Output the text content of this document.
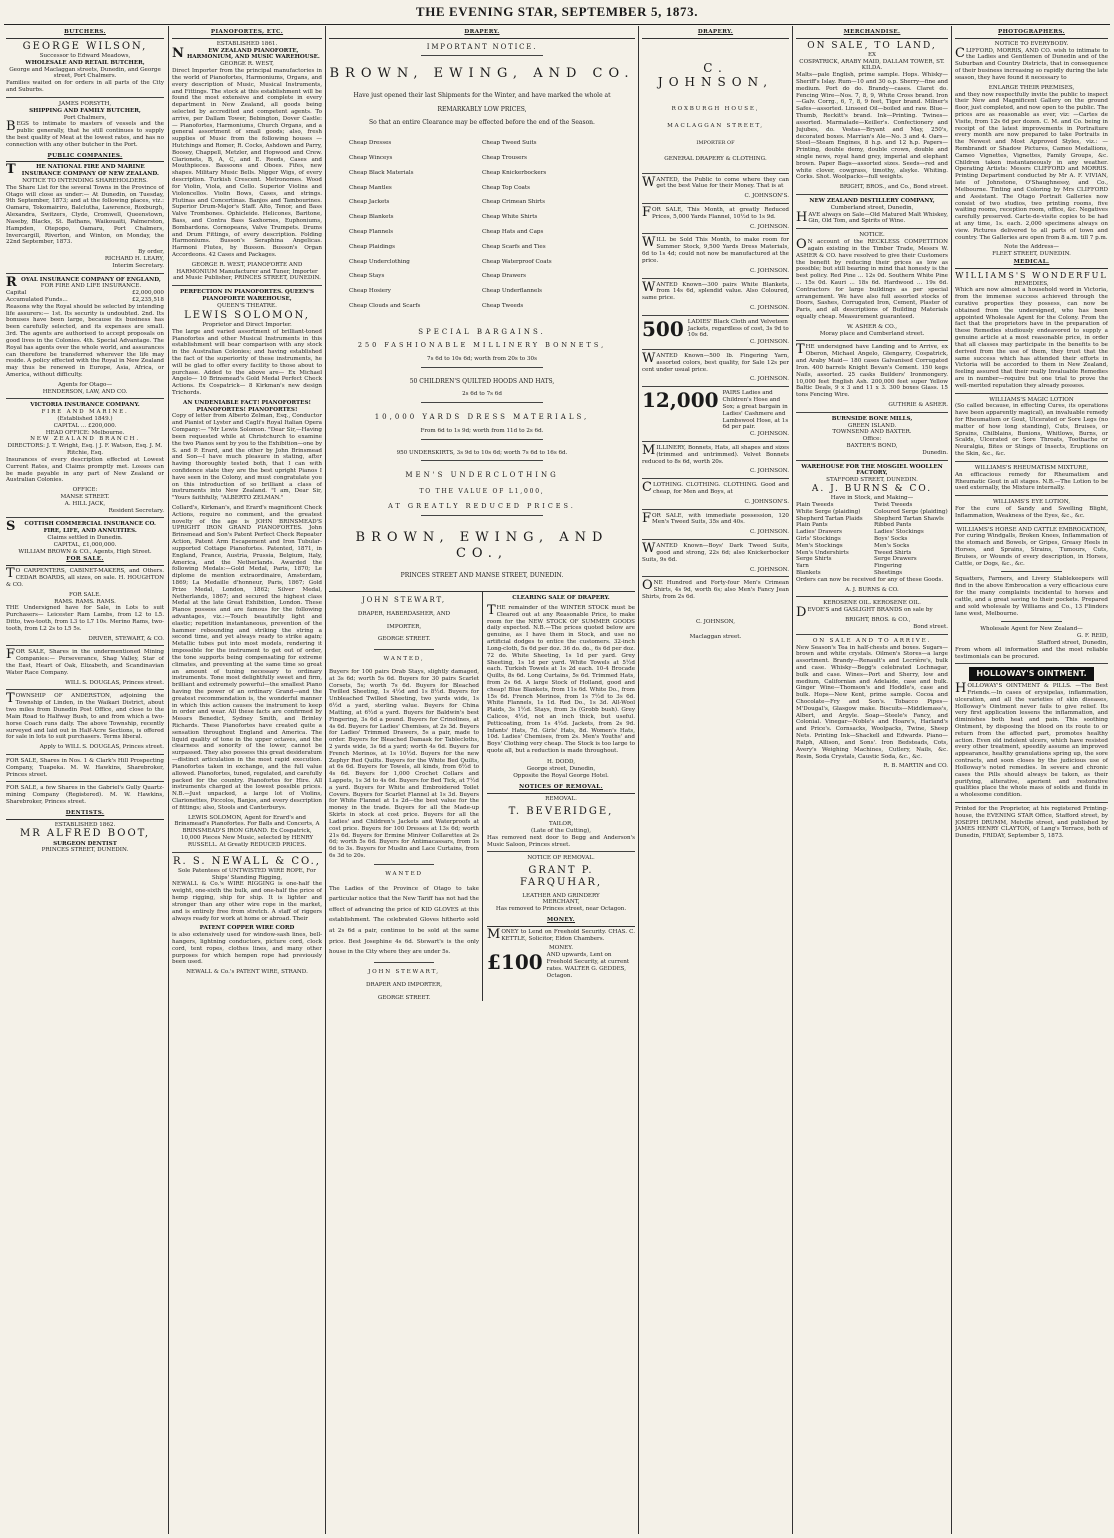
THE EVENING STAR, SEPTEMBER 5, 1873.
BUTCHERS.
GEORGE WILSON,
Successor to Edward Meadows,
WHOLESALE AND RETAIL BUTCHER,
George and Maclaggan streets, Dunedin, and George street, Port Chalmers.
Families waited on for orders in all parts of the City and Suburbs.
JAMES FORSYTH,
SHIPPING AND FAMILY BUTCHER,
Port Chalmers,
BEGS to intimate to masters of vessels and the public generally, that he still continues to supply the best quality of Meat at the lowest rates, and has no connection with any other butcher in the Port.
PUBLIC COMPANIES.
THE NATIONAL FIRE AND MARINE INSURANCE COMPANY OF NEW ZEALAND.
NOTICE TO INTENDING SHAREHOLDERS.
The Share List for the several Towns in the Province of Otago will close as under:— At Dunedin, on Tuesday, 9th September, 1873; and at the following places, viz.: Oamaru, Tokomairiro, Balclutha, Lawrence, Roxburgh, Alexandra, Switzers, Clyde, Cromwell, Queenstown, Naseby, Blacks, St. Bathans, Waikouaiti, Palmerston, Hampden, Otepopo, Oamaru, Port Chalmers, Invercargill, Riverton, and Winton, on Monday, the 22nd September, 1873.
By order,
RICHARD H. LEARY,
Interim Secretary.
ROYAL INSURANCE COMPANY OF ENGLAND,
FOR FIRE AND LIFE INSURANCE.
Capital	£2,000,000
Accumulated Funds...	£2,235,518
Reasons why the Royal should be selected by intending life assurers:— 1st. Its security is undoubted. 2nd. Its bonuses have been large, because its business has been carefully selected, and its expenses are small. 3rd. The agents are authorised to accept proposals on good lives in the Colonies. 4th. Special Advantage. The Royal has agents over the whole world, and assurances can therefore be transferred wherever the life may reside. A policy effected with the Royal in New Zealand may thus be renewed in Europe, Asia, Africa, or America, without difficulty.
Agents for Otago—
HENDERSON, LAW, AND CO.
VICTORIA INSURANCE COMPANY.
FIRE AND MARINE.
(Established 1849.)
CAPITAL ... £200,000.
HEAD OFFICE: Melbourne.
NEW ZEALAND BRANCH.
DIRECTORS: J. T. Wright, Esq. | J. F. Watson, Esq. J. M. Ritchie, Esq.
Insurances of every description effected at Lowest Current Rates, and Claims promptly met. Losses can be made payable in any part of New Zealand or Australian Colonies.
OFFICE:
MANSE STREET.
A. HILL JACK,
Resident Secretary.
SCOTTISH COMMERCIAL INSURANCE CO.
FIRE, LIFE, AND ANNUITIES.
Claims settled in Dunedin.
CAPITAL, £1,000,000.
WILLIAM BROWN & CO., Agents, High Street.
FOR SALE.
TO CARPENTERS, CABINET-MAKERS, and Others. CEDAR BOARDS, all sizes, on sale. H. HOUGHTON & CO.
FOR SALE.
RAMS. RAMS. RAMS.
THE Undersigned have for Sale, in Lots to suit Purchasers— Leicester Ram Lambs, from L2 to L5. Ditto, two-tooth, from L3 to L7 10s. Merino Rams, two-tooth, from L2 2s to L5 5s.
DRIVER, STEWART, & CO.
FOR SALE, Shares in the undermentioned Mining Companies:— Perseverance, Shag Valley, Star of the East, Heart of Oak, Elizabeth, and Scandinavian Water Race Company.
WILL S. DOUGLAS, Princes street.
TOWNSHIP OF ANDERSTON, adjoining the Township of Linden, in the Waikari District, about two miles from Dunedin Post Office, and close to the Main Road to Halfway Bush, to and from which a two-horse Coach runs daily. The above Township, recently surveyed and laid out in Half-Acre Sections, is offered for sale in lots to suit purchasers. Terms liberal.
Apply to WILL S. DOUGLAS, Princes street.
FOR SALE, Shares in Nos. 1 & Clark's Hill Prospecting Company, Tuapeka. M. W. Hawkins, Sharebroker, Princes street.
FOR SALE, a few Shares in the Gabriel's Gully Quartz-mining Company (Registered). M. W. Hawkins, Sharebroker, Princes street.
DENTISTS.
ESTABLISHED 1862.
MR ALFRED BOOT,
SURGEON DENTIST
PRINCES STREET, DUNEDIN.
PIANOFORTES, ETC.
ESTABLISHED 1861.
NEW ZEALAND PIANOFORTE, HARMONIUM, AND MUSIC WAREHOUSE.
GEORGE R. WEST,
Direct Importer from the principal manufactories in the world of Pianofortes, Harmoniums, Organs, and every description of Music, Musical Instruments, and Fittings. The stock at this establishment will be found the most extensive and complete in every department in New Zealand, all goods being selected by accredited and competent agents. To arrive, per Dallam Tower, Bebington, Dover Castle:— Pianofortes, Harmoniums, Church Organs, and a general assortment of small goods; also, fresh supplies of Music from the following houses — Hutchings and Romer, R. Cocks, Ashdown and Parry, Boosey, Chappell, Metzler, and Hopwood and Crew. Clarionets, B, A, C, and E. Reeds, Cases and Mouthpieces. Bassoons and Oboes. Fifes, new shapes. Military Music Bells. Nigger Wigs, of every description. Turkish Crescent. Metronomes. Wood for Violin, Viola, and Cello. Superior Violins and Violoncellos. Violin Bows, Cases, and strings. Flutinas and Concertinas. Banjos and Tambourines. Superior Drum-Major's Staff. Alto, Tenor, and Bass Valve Trombones. Ophicleide. Helicones, Baritone, Bass, and Contra Bass Saxhornes, Euphoniums, Bombardons. Cornopeans, Valve Trumpets. Drums and Drum Fittings, of every description. Folding Harmoniums. Busson's Seraphina Angelicas. Harmoni Flutes, by Busson. Busson's Organ Accordeons. 42 Cases and Packages.
GEORGE R. WEST, PIANOFORTE AND HARMONIUM Manufacturer and Tuner, Importer and Music Publisher, PRINCES STREET, DUNEDIN.
PERFECTION IN PIANOFORTES. QUEEN'S PIANOFORTE WAREHOUSE,
QUEEN'S THEATRE.
LEWIS SOLOMON,
Proprietor and Direct Importer.
The large and varied assortment of brilliant-toned Pianofortes and other Musical Instruments in this establishment will bear comparison with any stock in the Australian Colonies; and having established the fact of the superiority of these instruments, he will be glad to offer every facility to those about to purchase. Added to the above are— Ex Michael Angelo— 10 Brinsmead's Gold Medal Perfect Check Actions. Ex Cospatrick— 8 Kirkman's new design Trichords.
AN UNDENIABLE FACT! PIANOFORTES! PIANOFORTES! PIANOFORTES!
Copy of letter from Alberto Zelman, Esq., Conductor and Pianist of Lyster and Cagli's Royal Italian Opera Company:— "Mr Lewis Solomon. "Dear Sir,—Having been requested while at Christchurch to examine the two Pianos sent by you to the Exhibition—one by S. and P. Erard, and the other by John Brinsmead and Son—I have much pleasure in stating, after having thoroughly tested both, that I can with confidence state they are the best upright Pianos I have seen in the Colony, and must congratulate you on this introduction of so brilliant a class of instruments into New Zealand. "I am, Dear Sir, "Yours faithfully, "ALBERTO ZELMAN."
Collard's, Kirkman's, and Erard's magnificent Check Actions, require no comment, and the greatest novelty of the age is JOHN BRINSMEAD'S UPRIGHT IRON GRAND PIANOFORTES. John Brinsmead and Son's Patent Perfect Check Repeater Action, Patent Arm Escapement and Iron Tubular-supported Cottage Pianofortes. Patented, 1871, in England, France, Austria, Prussia, Belgium, Italy, America, and the Netherlands. Awarded the following Medals:—Gold Medal, Paris, 1870; Le diplome de mention extraordinaire, Amsterdam, 1869; La Medaille d'honneur, Paris, 1867; Gold Prize Medal, London, 1862; Silver Medal, Netherlands, 1867; and secured the highest class Medal at the late Great Exhibition, London. These Pianos possess and are famous for the following advantages, viz.:—Touch beautifully light and elastic; repetition instantaneous, prevention of the hammer rebounding and striking the string a second time, and yet always ready to strike again; Metallic tubes put into most models, rendering it impossible for the instrument to get out of order, the tone supports being compensating for extreme climates, and preventing at the same time so great an amount of tuning necessary to ordinary instruments. Tone most delightfully sweet and firm, brilliant and extremely powerful—the smallest Piano having the power of an ordinary Grand—and the greatest recommendation is, the wonderful manner in which this action causes the instrument to keep in order and wear. All these facts are confirmed by Messrs Benedict, Sydney Smith, and Brinley Richards. These Pianofortes have created quite a sensation throughout England and America. The liquid quality of tone in the upper octaves, and the clearness and sonority of the lower, cannot be surpassed. They also possess this great desideratum—distinct articulation in the most rapid execution. Pianofortes taken in exchange, and the full value allowed. Pianofortes, tuned, regulated, and carefully packed for the country. Pianofortes for Hire. All instruments charged at the lowest possible prices. N.B.—Just unpacked, a large lot of Violins, Clarionettes, Piccolos, Banjos, and every description of fittings; also, Stools and Canterburys.
LEWIS SOLOMON, Agent for Erard's and Brinsmead's Pianofortes. For Balls and Concerts, A BRINSMEAD'S IRON GRAND. Ex Cospatrick, 10,000 Pieces New Music, selected by HENRY RUSSELL. At Greatly REDUCED PRICES.
R. S. NEWALL & CO.,
Sole Patentees of UNTWISTED WIRE ROPE, For Ships' Standing Rigging,
NEWALL & Co.'s WIRE RIGGING is one-half the weight, one-sixth the bulk, and one-half the price of hemp rigging, ship for ship. It is lighter and stronger than any other wire rope in the market, and is entirely free from stretch. A staff of riggers always ready for work at home or abroad. Their
PATENT COPPER WIRE CORD
is also extensively used for window-sash lines, bell-hangers, lightning conductors, picture cord, clock cord, tent ropes, clothes lines, and many other purposes for which hempen rope had previously been used.
NEWALL & Co.'s PATENT WIRE, STRAND.
DRAPERY.
IMPORTANT NOTICE.
BROWN, EWING, AND CO.
Have just opened their last Shipments for the Winter, and have marked the whole at
REMARKABLY LOW PRICES,
So that an entire Clearance may be effected before the end of the Season.
Cheap Dresses
Cheap Winceys
Cheap Black Materials
Cheap Mantles
Cheap Jackets
Cheap Blankets
Cheap Flannels
Cheap Plaidings
Cheap Underclothing
Cheap Stays
Cheap Hosiery
Cheap Clouds and Scarfs
Cheap Tweed Suits
Cheap Trousers
Cheap Knickerbockers
Cheap Top Coats
Cheap Crimean Shirts
Cheap White Shirts
Cheap Hats and Caps
Cheap Scarfs and Ties
Cheap Waterproof Coats
Cheap Drawers
Cheap Underflannels
Cheap Tweeds
SPECIAL BARGAINS.
250 FASHIONABLE MILLINERY BONNETS,
7s 6d to 10s 6d; worth from 20s to 30s
50 CHILDREN'S QUILTED HOODS AND HATS,
2s 6d to 7s 6d
10,000 YARDS DRESS MATERIALS,
From 6d to 1s 9d; worth from 11d to 2s 6d.
950 UNDERSKIRTS, 3s 9d to 10s 6d; worth 7s 6d to 16s 6d.
MEN'S UNDERCLOTHING
TO THE VALUE OF L1,000,
AT GREATLY REDUCED PRICES.
BROWN, EWING, AND CO.,
PRINCES STREET AND MANSE STREET, DUNEDIN.
JOHN STEWART,
DRAPER, HABERDASHER, AND
IMPORTER,
GEORGE STREET.
WANTED,
Buyers for 100 pairs Drab Stays, slightly damaged, at 3s 6d; worth 5s 6d. Buyers for 30 pairs Scarlet Corsets, 5s; worth 7s 6d. Buyers for Bleached Twilled Sheeting, 1s 4½d and 1s 8½d. Buyers for Unbleached Twilled Sheeting, two yards wide, 1s 6½d a yard, sterling value. Buyers for China Matting, at 6½d a yard. Buyers for Baldwin's best Fingering, 3s 6d a pound. Buyers for Crinolines, at 4s 6d. Buyers for Ladies' Chemises, at 2s 3d. Buyers for Ladies' Trimmed Drawers, 5s a pair, made to order. Buyers for Bleached Damask for Tablecloths, 2 yards wide, 3s 6d a yard; worth 4s 6d. Buyers for French Merinos, at 1s 10½d. Buyers for the new Zephyr Red Quilts. Buyers for the White Bed Quilts, at 6s 6d. Buyers for Towels, all kinds, from 6½d to 4s 6d. Buyers for 1,000 Crochet Collars and Lappets, 1s 3d to 4s 6d. Buyers for Bed Tick, at 7½d a yard. Buyers for White and Embroidered Toilet Covers. Buyers for Scarlet Flannel at 1s 3d. Buyers for White Flannel at 1s 2d—the best value for the money in the trade. Buyers for all the Made-up Skirts in stock at cost price. Buyers for all the Ladies' and Children's Jackets and Waterproofs at cost price. Buyers for 100 Dresses at 13s 6d; worth 21s 6d. Buyers for Ermine Miniver Collarettes at 2s 6d; worth 5s 6d. Buyers for Antimacassars, from 1s 6d to 3s. Buyers for Muslin and Lace Curtains, from 6s 3d to 20s.
WANTED
The Ladies of the Province of Otago to take particular notice that the New Tariff has not had the effect of advancing the price of KID GLOVES at this establishment. The celebrated Gloves hitherto sold at 2s 6d a pair, continue to be sold at the same price. Best Josephine 4s 6d. Stewart's is the only house in the City where they are under 5s.
JOHN STEWART,
DRAPER AND IMPORTER,
GEORGE STREET.
CLEARING SALE OF DRAPERY.
THE remainder of the WINTER STOCK must be Cleared out at any Reasonable Price, to make room for the NEW STOCK OF SUMMER GOODS daily expected. N.B.—The prices quoted below are genuine, as I have them in Stock, and use no artificial dodges to entice the customers. 32-inch Long-cloth, 5s 6d per doz. 36 do. do., 6s 6d per doz. 72 do. White Sheeting, 1s 1d per yard. Grey Sheeting, 1s 1d per yard. White Towels at 5½d each. Turkish Towels at 1s 2d each. 10-4 Brocade Quilts, 8s 6d. Long Curtains, 5s 6d. Trimmed Hats, from 2s 6d. A large Stock of Holland, good and cheap! Blue Blankets, from 11s 6d. White Do., from 15s 6d. French Merinos, from 1s 7½d to 3s 6d. White Flannels, 1s 1d. Red Do., 1s 3d. All-Wool Plaids, 3s 1½d. Stays, from 3s (Grobb bush). Grey Calicos, 4½d, not an inch thick, but useful. Petticoating, from 1s 4½d. Jackets, from 2s 9d. Infants' Hats, 7d. Girls' Hats, 8d. Women's Hats, 10d. Ladies' Chemises, from 2s. Men's Youths' and Boys' Clothing very cheap. The Stock is too large to quote all, but a reduction is made throughout.
H. DODD,
George street, Dunedin,
Opposite the Royal George Hotel.
NOTICES OF REMOVAL.
REMOVAL.
T. BEVERIDGE,
TAILOR,
(Late of the Cutting),
Has removed next door to Begg and Anderson's Music Saloon, Princes street.
NOTICE OF REMOVAL.
GRANT P. FARQUHAR,
LEATHER AND GRINDERY
MERCHANT,
Has removed to Princes street, near Octagon.
MONEY.
MONEY to Lend on Freehold Security. CHAS. C. KETTLE, Solicitor, Eldon Chambers.
MONEY.
£100 AND upwards, Lent on Freehold Security, at current rates. WALTER G. GEDDES, Octagon.
DRAPERY.
C. JOHNSON,
ROXBURGH HOUSE,
MACLAGGAN STREET,
IMPORTER OF
GENERAL DRAPERY & CLOTHING.
WANTED, the Public to come where they can get the best Value for their Money. That is at
C. JOHNSON'S.
FOR SALE, This Month, at greatly Reduced Prices, 5,000 Yards Flannel, 10½d to 1s 9d.
C. JOHNSON.
WILL be Sold This Month, to make room for Summer Stock, 9,500 Yards Dress Materials, 6d to 1s 4d; could not now be manufactured at the price.
C. JOHNSON.
WANTED Known—300 pairs White Blankets, from 14s 6d, splendid value. Also Coloured, same price.
C. JOHNSON.
500 LADIES' Black Cloth and Velveteen Jackets, regardless of cost, 3s 9d to 10s 6d.
C. JOHNSON.
WANTED Known—500 lb. Fingering Yarn, assorted colors, best quality, for Sale 12s per cent under usual price.
C. JOHNSON.
12,000 PAIRS Ladies and Children's Hose and Sox; a great bargain in Ladies' Cashmere and Lambswool Hose, at 1s 6d per pair.
C. JOHNSON.
MILLINERY, Bonnets, Hats, all shapes and sizes (trimmed and untrimmed). Velvet Bonnets reduced to 8s 6d, worth 20s.
C. JOHNSON.
CLOTHING. CLOTHING. CLOTHING. Good and cheap, for Men and Boys, at
C. JOHNSON'S.
FOR SALE, with immediate possession, 120 Men's Tweed Suits, 35s and 40s.
C. JOHNSON.
WANTED Known—Boys' Dark Tweed Suits, good and strong, 22s 6d; also Knickerbocker Suits, 9s 6d.
C. JOHNSON.
ONE Hundred and Forty-four Men's Crimean Shirts, 4s 9d, worth 6s; also Men's Fancy Jean Shirts, from 2s 6d.
C. JOHNSON,
Maclaggan street.
MERCHANDISE.
ON SALE, TO LAND,
EX
COSPATRICK, ARABY MAID, DALLAM TOWER, ST. KILDA.
Malts—pale English, prime sample. Hops. Whisky—Sheriff's Islay. Rum—10 and 30 o.p. Sherry—fine and medium. Port do do. Brandy—cases. Claret do. Fencing Wire—Nos. 7, 8, 9, White Cross brand. Iron—Galv. Corrg., 6, 7, 8, 9 feet, Tiger brand. Milner's Safes—assorted. Linseed Oil—boiled and raw. Blue—Thumb, Reckitt's brand. Ink—Printing. Twines—assorted. Marmalade—Keiller's. Confectionery and Jujubes, do. Vestas—Bryant and May, 250's, decorated boxes. Marrian's Ale—No. 3 and 4. Oars—Steel—Steam Engines, 8 h.p. and 12 h.p. Papers—Printing, double demy, double crown, double and single news, royal hand grey, imperial and elephant brown. Paper Bags—assorted sizes. Seeds—red and white clover, cowgrass, timothy, alsyke. Whiting. Corks. Shot. Woolpacks—full weights.
BRIGHT, BROS., and Co., Bond street.
NEW ZEALAND DISTILLERY COMPANY,
Cumberland street, Dunedin,
HAVE always on Sale—Old Matured Malt Whiskey, Gin, Old Tom, and Spirits of Wine.
NOTICE.
ON account of the RECKLESS COMPETITION again existing in the Timber Trade, Messrs W. ASHER & CO. have resolved to give their Customers the benefit by reducing their prices as low as possible; but still bearing in mind that honesty is the best policy. Red Pine ... 12s 0d. Southern White Pine ... 15s 0d. Kauri ... 18s 6d. Hardwood ... 19s 6d. Contractors for large buildings as per special arrangement. We have also full assorted stocks of Doors, Sashes, Corrugated Iron, Cement, Plaster of Paris, and all descriptions of Building Materials equally cheap. Measurement guaranteed.
W. ASHER & CO.,
Moray place and Cumberland street.
THE undersigned have Landing and to Arrive, ex Oberon, Michael Angelo, Glengarry, Cospatrick, and Araby Maid— 180 cases Galvanised Corrugated Iron. 400 barrels Knight Bevan's Cement. 150 kegs Nails, assorted. 25 casks Builders' Ironmongery. 10,000 feet English Ash. 200,000 feet super Yellow Baltic Deals, 9 x 3 and 11 x 3. 300 boxes Glass. 15 tons Fencing Wire.
GUTHRIE & ASHER.
BURNSIDE BONE MILLS,
GREEN ISLAND.
TOWNSEND AND BAXTER.
Office:
BAXTER'S BOND,
Dunedin.
WAREHOUSE FOR THE MOSGIEL WOOLLEN FACTORY,
STAFFORD STREET, DUNEDIN.
A. J. BURNS & CO.
Have in Stock, and Making—
Plain Tweeds
White Serge (plaiding)
Shepherd Tartan Plaids
Plain Pants
Ladies' Drawers
Girls' Stockings
Men's Stockings
Men's Undershirts
Serge Shirts
Yarn
Blankets
Twist Tweeds
Coloured Serge (plaiding)
Shepherd Tartan Shawls
Ribbed Pants
Ladies' Stockings
Boys' Socks
Men's Socks
Tweed Shirts
Serge Drawers
Fingering
Sheetings
Orders can now be received for any of these Goods.
A. J. BURNS & CO.
KEROSENE OIL. KEROSENE OIL.
DEVOE'S and GASLIGHT BRANDS on sale by
BRIGHT, BROS. & CO.,
Bond street.
ON SALE AND TO ARRIVE.
New Season's Tea in half-chests and boxes. Sugars—brown and white crystals. Oilmen's Stores—a large assortment. Brandy—Renault's and Lecrière's, bulk and case. Whisky—Begg's celebrated Lochnagar, bulk and case. Wines—Port and Sherry, low and medium, Californian and Adelaide, case and bulk. Ginger Wine—Thomson's and Hoddle's, case and bulk. Hops—New Kent, prime sample. Cocoa and Chocolate—Fry and Son's. Tobacco Pipes—M'Dougal's, Glasgow make. Biscuits—Middlemass's, Albert, and Argyle. Soap—Steele's Fancy, and Colonial. Vinegar—Noble's and Hoare's, Harland's and Price's. Cornsacks, Woolpacks, Twine, Sheep Nets. Printing Ink—Shackell and Edwards. Piano—Ralph, Allison, and Sons'. Iron Bedsteads, Cots, Avery's Weighing Machines, Cutlery, Nails, &c. Resin, Soda Crystals, Caustic Soda, &c., &c.
R. B. MARTIN and CO.
PHOTOGRAPHERS.
NOTICE TO EVERYBODY.
CLIFFORD, MORRIS, AND CO. wish to intimate to the Ladies and Gentlemen of Dunedin and of the Suburban and Country Districts, that in consequence of their business increasing so rapidly during the late season, they have found it necessary to
ENLARGE THEIR PREMISES,
and they now respectfully invite the public to inspect their New and Magnificent Gallery on the ground floor, just completed, and now open to the public. The prices are as reasonable as ever, viz: —Cartes de Visite, from 12s 6d per dozen. C. M. and Co. being in receipt of the latest improvements in Portraiture every month are now prepared to take Portraits in the Newest and Most Approved Styles, viz.: — Rembrandt or Shadow Pictures, Cameo Medallions, Cameo Vignettes, Vignettes, Family Groups, &c. Children taken instantaneously in any weather. Operating Artists: Messrs CLIFFORD and MORRIS. Printing Department conducted by Mr A. F. VIVIAN, late of Johnstone, O'Shaughnessy, and Co., Melbourne. Tinting and Coloring by Mrs CLIFFORD and Assistant. The Otago Portrait Galleries now consist of two studios, two printing rooms, five waiting rooms, reception room, office, &c. Negatives carefully preserved. Carte-de-visite copies to be had at any time, 1s. each. 2,000 specimens always on view. Pictures delivered to all parts of town and country. The Galleries are open from 8 a.m. till 7 p.m.
Note the Address—
FLEET STREET, DUNEDIN.
MEDICAL.
WILLIAMS'S WONDERFUL
REMEDIES,
Which are now almost a household word in Victoria, from the immense success achieved through the curative properties they possess, can now be obtained from the undersigned, who has been appointed Wholesale Agent for the Colony. From the fact that the proprietors have in the preparation of these Remedies studiously endeavored to supply a genuine article at a most reasonable price, in order that all classes may participate in the benefits to be derived from the use of them, they trust that the same success which has attended their efforts in Victoria will be accorded to them in New Zealand, feeling assured that their really Invaluable Remedies are in number—require but one trial to prove the well-merited reputation they already possess.
WILLIAMS'S MAGIC LOTION
(So called because, in effecting Cures, its operations have been apparently magical), an invaluable remedy for Rheumatism or Gout, Ulcerated or Sore Legs (no matter of how long standing), Cuts, Bruises, or Sprains, Chilblains, Bunions, Whitlows, Burns, or Scalds, Ulcerated or Sore Throats, Toothache or Neuralgia, Bites or Stings of Insects, Eruptions on the Skin, &c., &c.
WILLIAMS'S RHEUMATISM MIXTURE,
An efficacious remedy for Rheumatism and Rheumatic Gout in all stages. N.B.—The Lotion to be used externally, the Mixture internally.
WILLIAMS'S EYE LOTION,
For the cure of Sandy and Swelling Blight, Inflammation, Weakness of the Eyes, &c., &c.
WILLIAMS'S HORSE AND CATTLE EMBROCATION,
For curing Windgalls, Broken Knees, Inflammation of the stomach and Bowels, or Gripes, Greasy Heels in Horses, and Sprains, Strains, Tumours, Cuts, Bruises, or Wounds of every description, in Horses, Cattle, or Dogs, &c., &c.
Squatters, Farmers, and Livery Stablekeepers will find in the above Embrocation a very efficacious cure for the many complaints incidental to horses and cattle, and a great saving to their pockets. Prepared and sold wholesale by Williams and Co., 13 Flinders lane west, Melbourne.
Wholesale Agent for New Zealand—
G. F. REID,
Stafford street, Dunedin,
From whom all information and the most reliable testimonials can be procured.
HOLLOWAY'S OINTMENT.
HOLLOWAY'S OINTMENT & PILLS. —The Best Friends.—In cases of erysipelas, inflammation, ulceration, and all the varieties of skin diseases, Holloway's Ointment never fails to give relief. Its very first application lessens the inflammation, and diminishes both heat and pain. This soothing Ointment, by disposing the blood on its route to or return from the affected part, promotes healthy action. Even old indolent ulcers, which have resisted every other treatment, speedily assume an improved appearance, healthy granulations spring up, the sore contracts, and soon closes by the judicious use of Holloway's noted remedies. In severe and chronic cases the Pills should always be taken, as their purifying, alterative, aperient and restorative qualities place the whole mass of solids and fluids in a wholesome condition.
Printed for the Proprietor, at his registered Printing-house, the EVENING STAR Office, Stafford street, by JOSEPH DRUMM, Melville street, and published by JAMES HENRY CLAYTON, of Lang's Terrace, both of Dunedin, FRIDAY, September 5, 1873.
